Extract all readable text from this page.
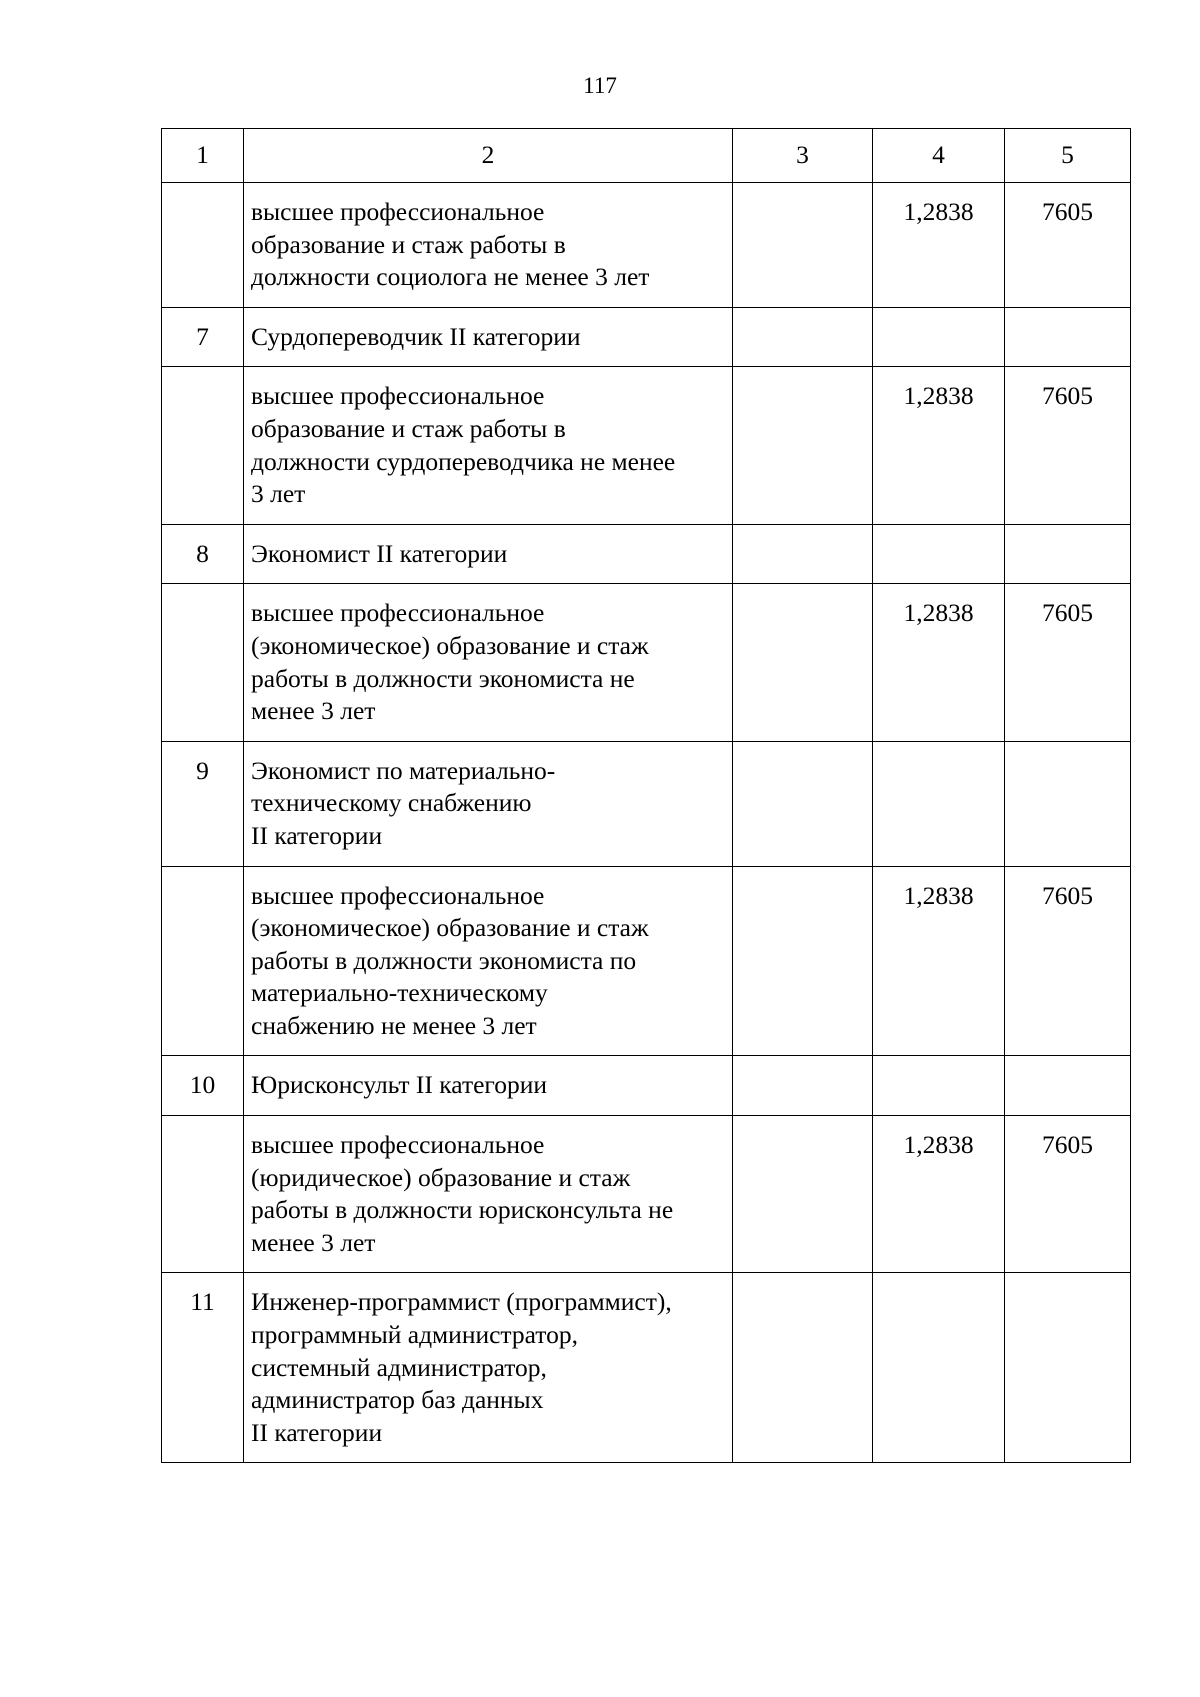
117
1	2	3	4	5
	высшее профессиональное
образование и стаж работы в
должности социолога не менее 3 лет		1,2838	7605
7	Сурдопереводчик II категории			
	высшее профессиональное
образование и стаж работы в
должности сурдопереводчика не менее
3 лет		1,2838	7605
8	Экономист II категории			
	высшее профессиональное
(экономическое) образование и стаж
работы в должности экономиста не
менее 3 лет		1,2838	7605
9	Экономист по материально-
техническому снабжению
II категории			
	высшее профессиональное
(экономическое) образование и стаж
работы в должности экономиста по
материально-техническому
снабжению не менее 3 лет		1,2838	7605
10	Юрисконсульт II категории			
	высшее профессиональное
(юридическое) образование и стаж
работы в должности юрисконсульта не
менее 3 лет		1,2838	7605
11	Инженер-программист (программист),
программный администратор,
системный администратор,
администратор баз данных
II категории			
